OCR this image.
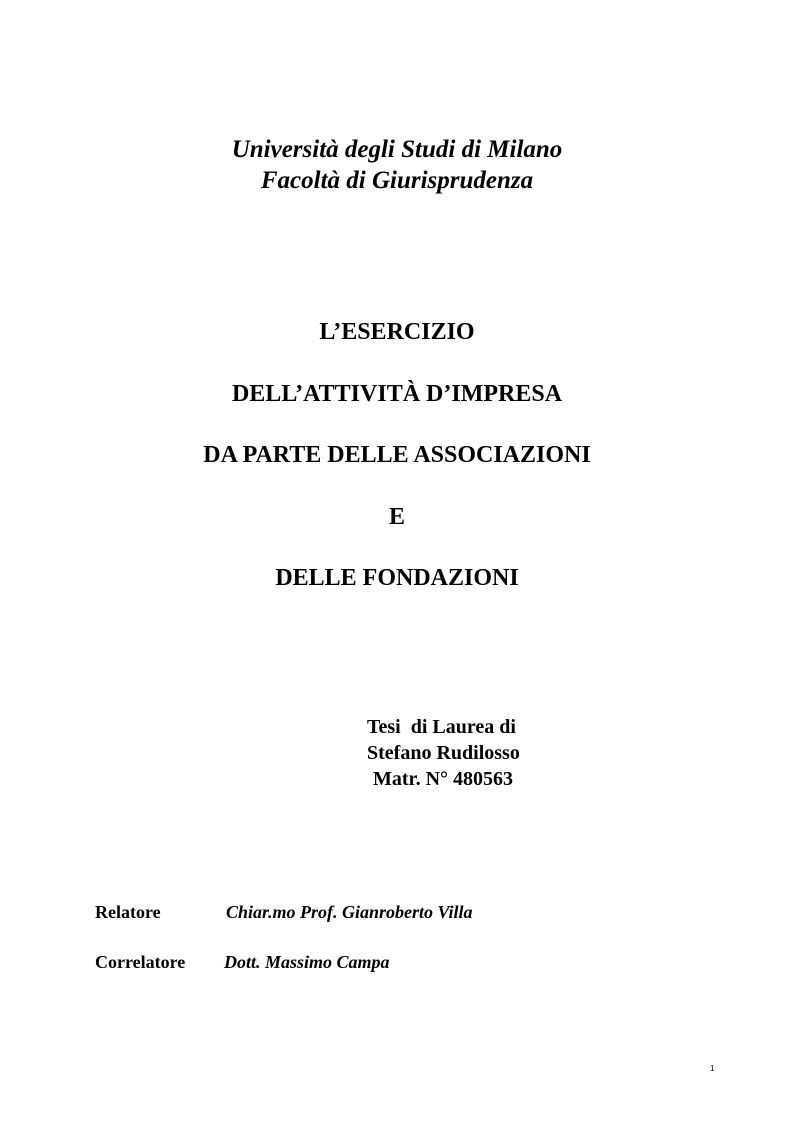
Università degli Studi di Milano
Facoltà di Giurisprudenza
L’ESERCIZIO
DELL’ATTIVITÀ D’IMPRESA
DA PARTE DELLE ASSOCIAZIONI
E
DELLE FONDAZIONI
Tesi  di Laurea di
Stefano Rudilosso
Matr. N° 480563
Relatore	Chiar.mo Prof. Gianroberto Villa
Correlatore Dott. Massimo Campa
1
